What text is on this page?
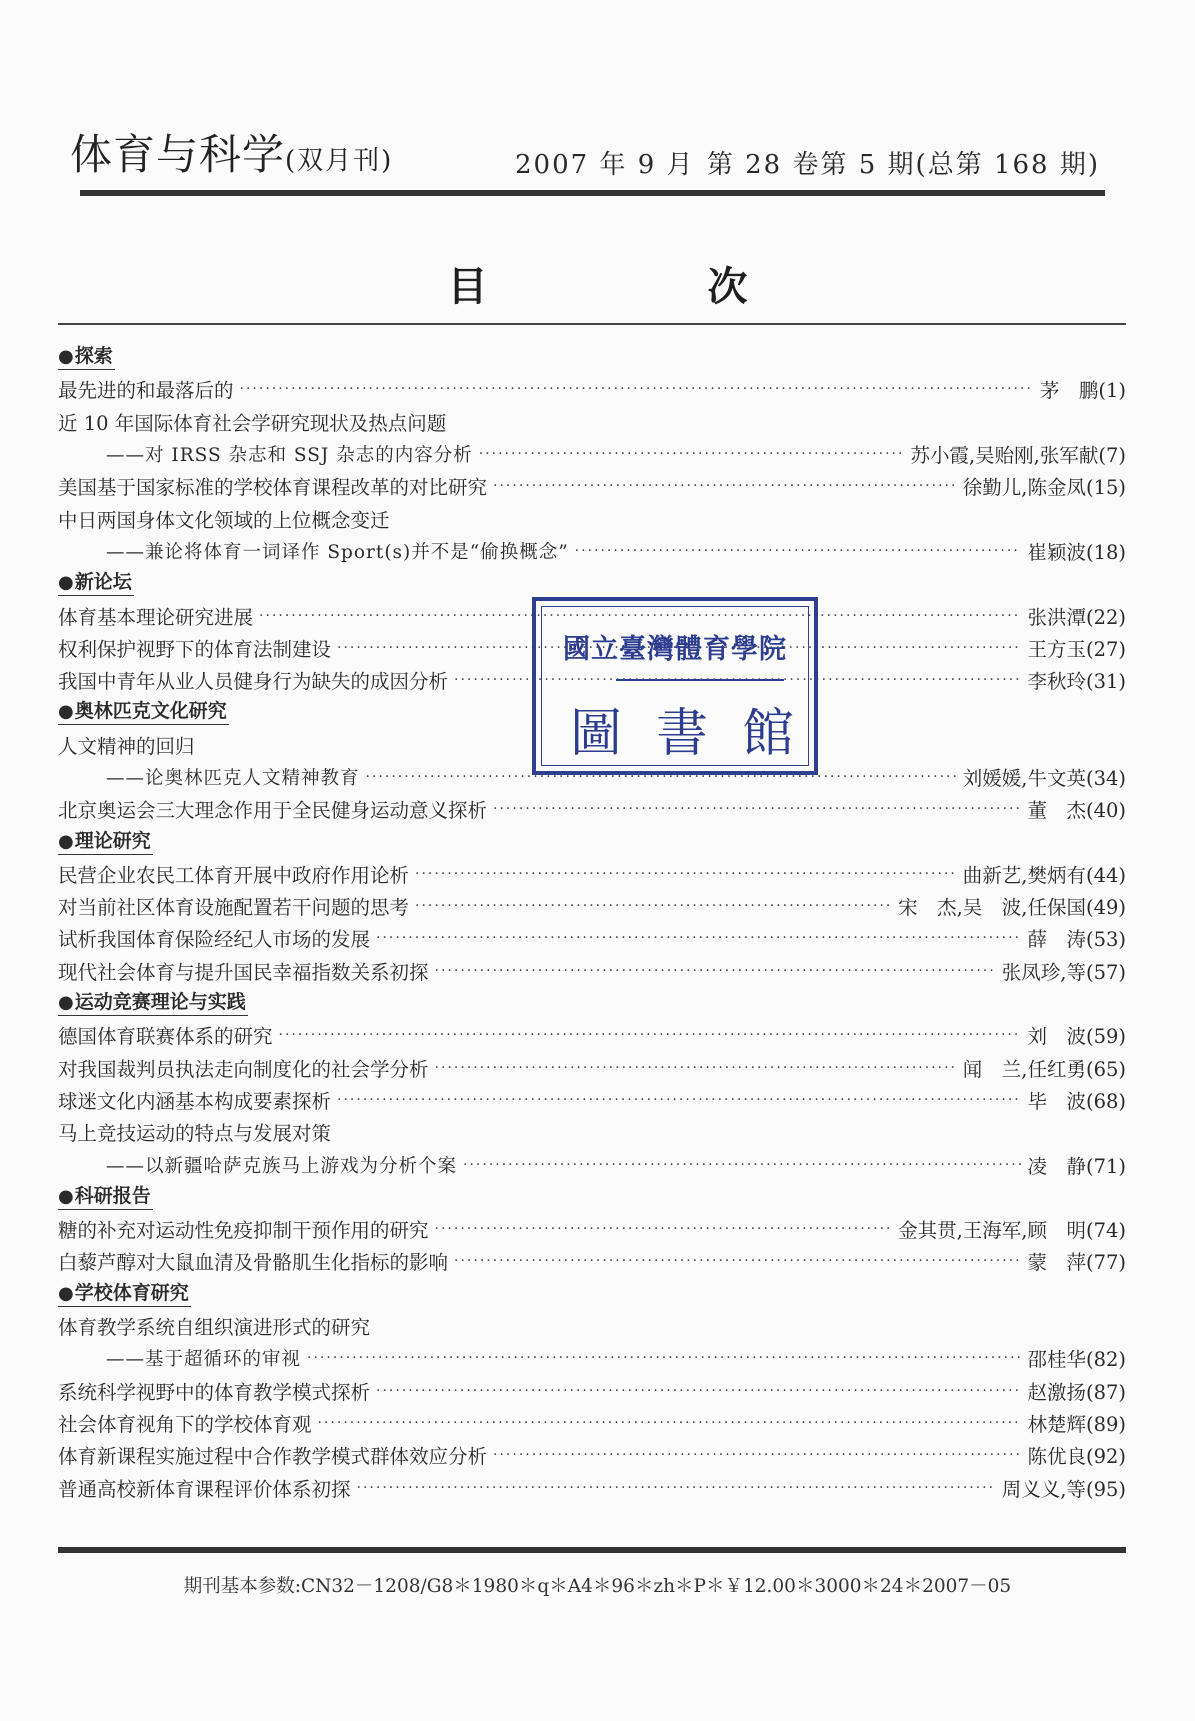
体育与科学(双月刊)	2007 年 9 月 第 28 卷第 5 期(总第 168 期)
目　次
●探索
最先进的和最落后的 ·····	茅　鹏(1)
近 10 年国际体育社会学研究现状及热点问题
——对 IRSS 杂志和 SSJ 杂志的内容分析 ·····	苏小霞,吴贻刚,张军献(7)
美国基于国家标准的学校体育课程改革的对比研究 ·····	徐勤儿,陈金凤(15)
中日两国身体文化领域的上位概念变迁
——兼论将体育一词译作 Sport(s)并不是“偷换概念” ·····	崔颖波(18)
●新论坛
体育基本理论研究进展 ·····	张洪潭(22)
权利保护视野下的体育法制建设 ·····	王方玉(27)
我国中青年从业人员健身行为缺失的成因分析 ·····	李秋玲(31)
●奥林匹克文化研究
人文精神的回归
——论奥林匹克人文精神教育 ·····	刘媛媛,牛文英(34)
北京奥运会三大理念作用于全民健身运动意义探析 ·····	董　杰(40)
●理论研究
民营企业农民工体育开展中政府作用论析 ·····	曲新艺,樊炳有(44)
对当前社区体育设施配置若干问题的思考 ·····	宋　杰,吴　波,任保国(49)
试析我国体育保险经纪人市场的发展 ·····	薛　涛(53)
现代社会体育与提升国民幸福指数关系初探 ·····	张凤珍,等(57)
●运动竞赛理论与实践
德国体育联赛体系的研究 ·····	刘　波(59)
对我国裁判员执法走向制度化的社会学分析 ·····	闻　兰,任红勇(65)
球迷文化内涵基本构成要素探析 ·····	毕　波(68)
马上竞技运动的特点与发展对策
——以新疆哈萨克族马上游戏为分析个案 ·····	凌　静(71)
●科研报告
糖的补充对运动性免疫抑制干预作用的研究 ·····	金其贯,王海军,顾　明(74)
白藜芦醇对大鼠血清及骨骼肌生化指标的影响 ·····	蒙　萍(77)
●学校体育研究
体育教学系统自组织演进形式的研究
——基于超循环的审视 ·····	邵桂华(82)
系统科学视野中的体育教学模式探析 ·····	赵激扬(87)
社会体育视角下的学校体育观 ·····	林楚辉(89)
体育新课程实施过程中合作教学模式群体效应分析 ·····	陈优良(92)
普通高校新体育课程评价体系初探 ·····	周义义,等(95)
期刊基本参数:CN32－1208/G8＊1980＊q＊A4＊96＊zh＊P＊￥12.00＊3000＊24＊2007－05
國立臺灣體育學院
圖書館
